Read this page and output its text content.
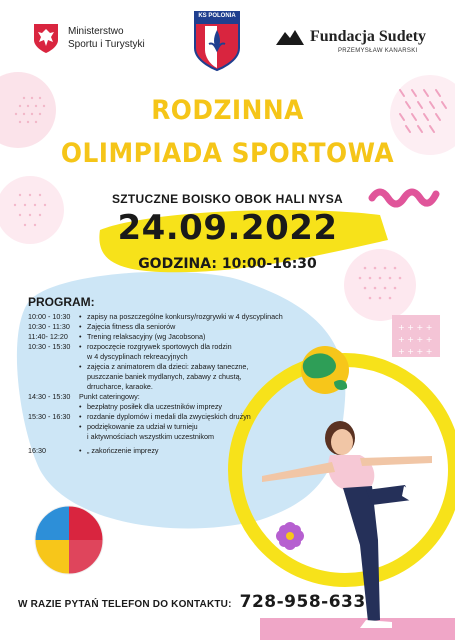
+ + + +
+ + + +
+ + + +
Ministerstwo
Sportu i Turystyki
KS POLONIA
Fundacja Sudety
PRZEMYSŁAW KANARSKI
RODZINNA
OLIMPIADA SPORTOWA
SZTUCZNE BOISKO OBOK HALI NYSA
24.09.2022
GODZINA: 10:00-16:30
PROGRAM:
10:00 - 10:30	• zapisy na poszczególne konkursy/rozgrywki w 4 dyscyplinach
10:30 - 11:30	• Zajęcia fitness dla seniorów
11:40- 12:20	• Trening relaksacyjny (wg Jacobsona)
10:30 - 15:30	• rozpoczęcie rozgrywek sportowych dla rodzin
w 4 dyscyplinach rekreacyjnych
• zajęcia z animatorem dla dzieci: zabawy taneczne,
puszczanie baniek mydlanych, zabawy z chustą,
drrucharce, karaoke.
14:30 - 15:30	Punkt cateringowy:
• bezpłatny posiłek dla uczestników imprezy
15:30 - 16:30	• rozdanie dyplomów i medali dla zwycięskich drużyn
• podziękowanie za udział w turnieju
i aktywnościach wszystkim uczestnikom
16:30	• „ zakończenie imprezy
W RAZIE PYTAŃ TELEFON DO KONTAKTU: 728-958-633
